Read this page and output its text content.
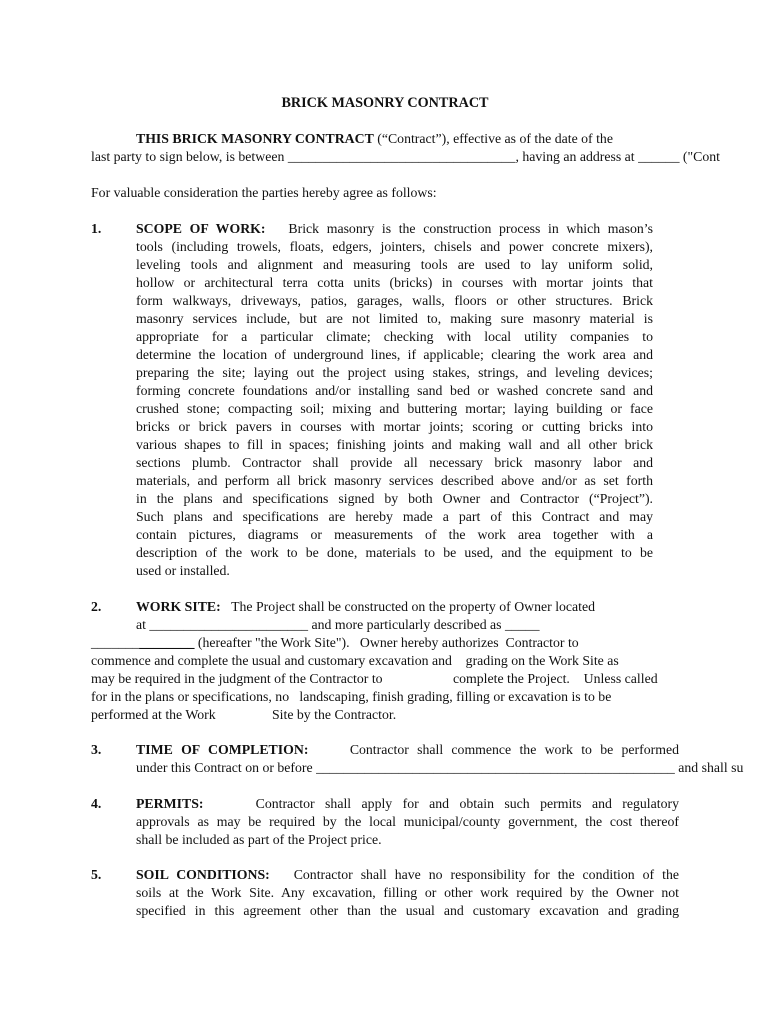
BRICK MASONRY CONTRACT
THIS BRICK MASONRY CONTRACT (“Contract”), effective as of the date of the
last party to sign below, is between _________________________________, having an address at ______ ("Cont
For valuable consideration the parties hereby agree as follows:
1.	SCOPE OF WORK: Brick masonry is the construction process in which mason’s
tools (including trowels, floats, edgers, jointers, chisels and power concrete mixers),
leveling tools and alignment and measuring tools are used to lay uniform solid,
hollow or architectural terra cotta units (bricks) in courses with mortar joints that
form walkways, driveways, patios, garages, walls, floors or other structures. Brick
masonry services include, but are not limited to, making sure masonry material is
appropriate for a particular climate; checking with local utility companies to
determine the location of underground lines, if applicable; clearing the work area and
preparing the site; laying out the project using stakes, strings, and leveling devices;
forming concrete foundations and/or installing sand bed or washed concrete sand and
crushed stone; compacting soil; mixing and buttering mortar; laying building or face
bricks or brick pavers in courses with mortar joints; scoring or cutting bricks into
various shapes to fill in spaces; finishing joints and making wall and all other brick
sections plumb. Contractor shall provide all necessary brick masonry labor and
materials, and perform all brick masonry services described above and/or as set forth
in the plans and specifications signed by both Owner and Contractor (“Project”).
Such plans and specifications are hereby made a part of this Contract and may
contain pictures, diagrams or measurements of the work area together with a
description of the work to be done, materials to be used, and the equipment to be
used or installed.
2.	WORK SITE: The Project shall be constructed on the property of Owner located
at _______________________ and more particularly described as _____
_______________ (hereafter "the Work Site").   Owner hereby authorizes  Contractor to
commence and complete the usual and customary excavation and    grading on the Work Site as
may be required in the judgment of the Contractor to	complete the Project.    Unless called
for in the plans or specifications, no   landscaping, finish grading, filling or excavation is to be
performed at the Work	Site by the Contractor.
3.	TIME OF COMPLETION:	Contractor shall commence the work to be performed
under this Contract on or before ____________________________________________________ and shall su
4.	PERMITS:	Contractor shall apply for and obtain such permits and regulatory
approvals as may be required by the local municipal/county government, the cost thereof
shall be included as part of the Project price.
5.	SOIL CONDITIONS: Contractor shall have no responsibility for the condition of the
soils at the Work Site. Any excavation, filling or other work required by the Owner not
specified in this agreement other than the usual and customary excavation and grading
